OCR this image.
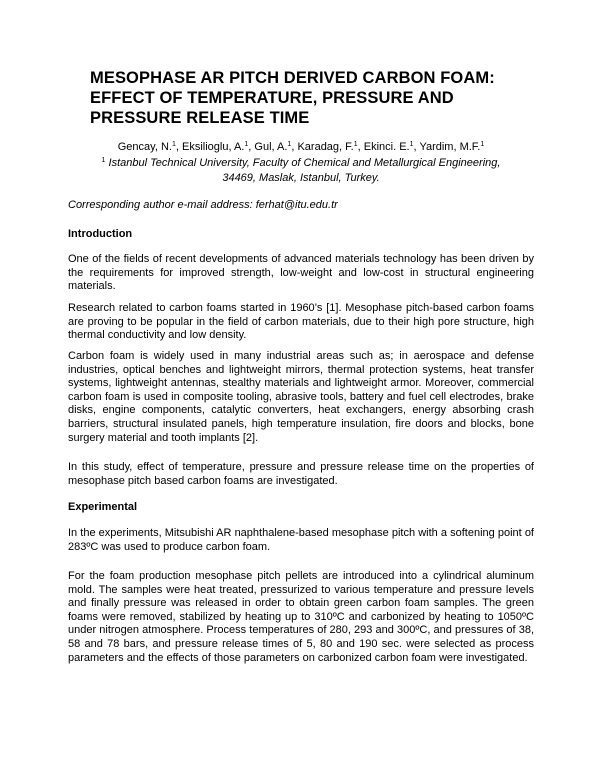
MESOPHASE AR PITCH DERIVED CARBON FOAM:
EFFECT OF TEMPERATURE, PRESSURE AND
PRESSURE RELEASE TIME
Gencay, N.$^1$, Eksilioglu, A.$^1$, Gul, A.$^1$, Karadag, F.$^1$, Ekinci. E.$^1$, Yardim, M.F.$^1$
$^1$ Istanbul Technical University, Faculty of Chemical and Metallurgical Engineering,
34469, Maslak, Istanbul, Turkey.
Corresponding author e-mail address: ferhat@itu.edu.tr
Introduction
One of the fields of recent developments of advanced materials technology has been driven by the requirements for improved strength, low-weight and low-cost in structural engineering materials.
Research related to carbon foams started in 1960’s [1]. Mesophase pitch-based carbon foams are proving to be popular in the field of carbon materials, due to their high pore structure, high thermal conductivity and low density.
Carbon foam is widely used in many industrial areas such as; in aerospace and defense industries, optical benches and lightweight mirrors, thermal protection systems, heat transfer systems, lightweight antennas, stealthy materials and lightweight armor. Moreover, commercial carbon foam is used in composite tooling, abrasive tools, battery and fuel cell electrodes, brake disks, engine components, catalytic converters, heat exchangers, energy absorbing crash barriers, structural insulated panels, high temperature insulation, fire doors and blocks, bone surgery material and tooth implants [2].
In this study, effect of temperature, pressure and pressure release time on the properties of mesophase pitch based carbon foams are investigated.
Experimental
In the experiments, Mitsubishi AR naphthalene-based mesophase pitch with a softening point of 283ºC was used to produce carbon foam.
For the foam production mesophase pitch pellets are introduced into a cylindrical aluminum mold. The samples were heat treated, pressurized to various temperature and pressure levels and finally pressure was released in order to obtain green carbon foam samples. The green foams were removed, stabilized by heating up to 310ºC and carbonized by heating to 1050ºC under nitrogen atmosphere. Process temperatures of 280, 293 and 300ºC, and pressures of 38, 58 and 78 bars, and pressure release times of 5, 80 and 190 sec. were selected as process parameters and the effects of those parameters on carbonized carbon foam were investigated.
